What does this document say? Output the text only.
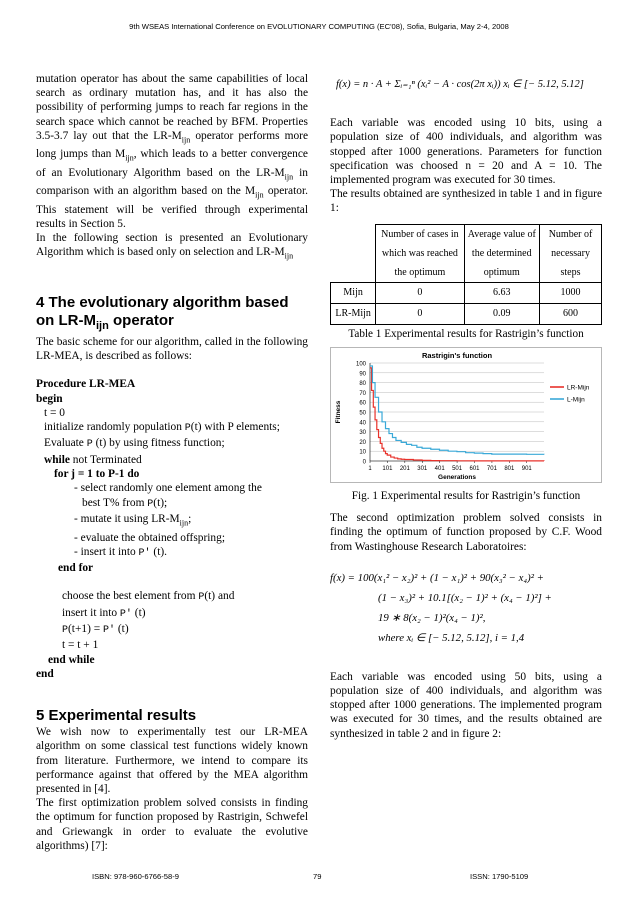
9th WSEAS International Conference on EVOLUTIONARY COMPUTING (EC'08), Sofia, Bulgaria, May 2-4, 2008

mutation operator has about the same capabilities of local search as ordinary mutation has, and it has also the possibility of performing jumps to reach far regions in the search space which cannot be reached by BFM. Properties 3.5-3.7 lay out that the $LR-M_{ijn}$ operator performs more long jumps than $M_{ijn}$, which leads to a better convergence of an Evolutionary Algorithm based on the $LR-M_{ijn}$ in comparison with an algorithm based on the $M_{ijn}$ operator. This statement will be verified through experimental results in Section 5.

In the following section is presented an Evolutionary Algorithm which is based only on selection and $LR-M_{ijn}$

4 The evolutionary algorithm based on $LR-M_{ijn}$ operator

The basic scheme for our algorithm, called in the following LR-MEA, is described as follows:

Procedure LR-MEA
begin
t = 0
initialize randomly population P(t) with P elements;
Evaluate P (t) by using fitness function;
while not Terminated
for j = 1 to P-1 do
- select randomly one element among the
best T% from P(t);
- mutate it using $LR-M_{ijn}$;
- evaluate the obtained offspring;
- insert it into P′ (t).
end for
choose the best element from P(t) and
insert it into P′ (t)
P(t+1) = P′ (t)
t = t + 1
end while
end
5 Experimental results

We wish now to experimentally test our LR-MEA algorithm on some classical test functions widely known from literature. Furthermore, we intend to compare its performance against that offered by the MEA algorithm presented in [4].

The first optimization problem solved consists in finding the optimum for function proposed by Rastrigin, Schwefel and Griewangk in order to evaluate the evolutive algorithms) [7]:

f(x) = n · A + Σᵢ₌₁ⁿ (xᵢ² − A · cos(2π xᵢ)) xᵢ ∈ [− 5.12, 5.12]

Each variable was encoded using 10 bits, using a population size of 400 individuals, and algorithm was stopped after 1000 generations. Parameters for function specification was choosed n = 20 and A = 10. The implemented program was executed for 30 times.

The results obtained are synthesized in table 1 and in figure 1:

	Number of cases in which was reached the optimum	Average value of the determined optimum	Number of necessary steps
Mijn	0	6.63	1000
LR-Mijn	0	0.09	600
Table 1 Experimental results for Rastrigin’s function
0
10
20
30
40
50
60
70
80
90
100
1 101 201 301 401 501 601 701 801 901
Rastrigin's function
Generations
Fitness
LR-Mijn
L-Mijn
Fig. 1 Experimental results for Rastrigin’s function

The second optimization problem solved consists in finding the optimum of function proposed by C.F. Wood from Wastinghouse Research Laboratoires:

f(x) = 100(x₁² − x₂)² + (1 − x₁)² + 90(x₃² − x₄)² +
(1 − x₃)² + 10.1[(x₂ − 1)² + (x₄ − 1)²] +
19 ∗ 8(x₂ − 1)²(x₄ − 1)²,
where xᵢ ∈ [− 5.12, 5.12], i = 1,4

Each variable was encoded using 50 bits, using a population size of 400 individuals, and algorithm was stopped after 1000 generations. The implemented program was executed for 30 times, and the results obtained are synthesized in table 2 and in figure 2:

ISBN: 978-960-6766-58-9	79	ISSN: 1790-5109
